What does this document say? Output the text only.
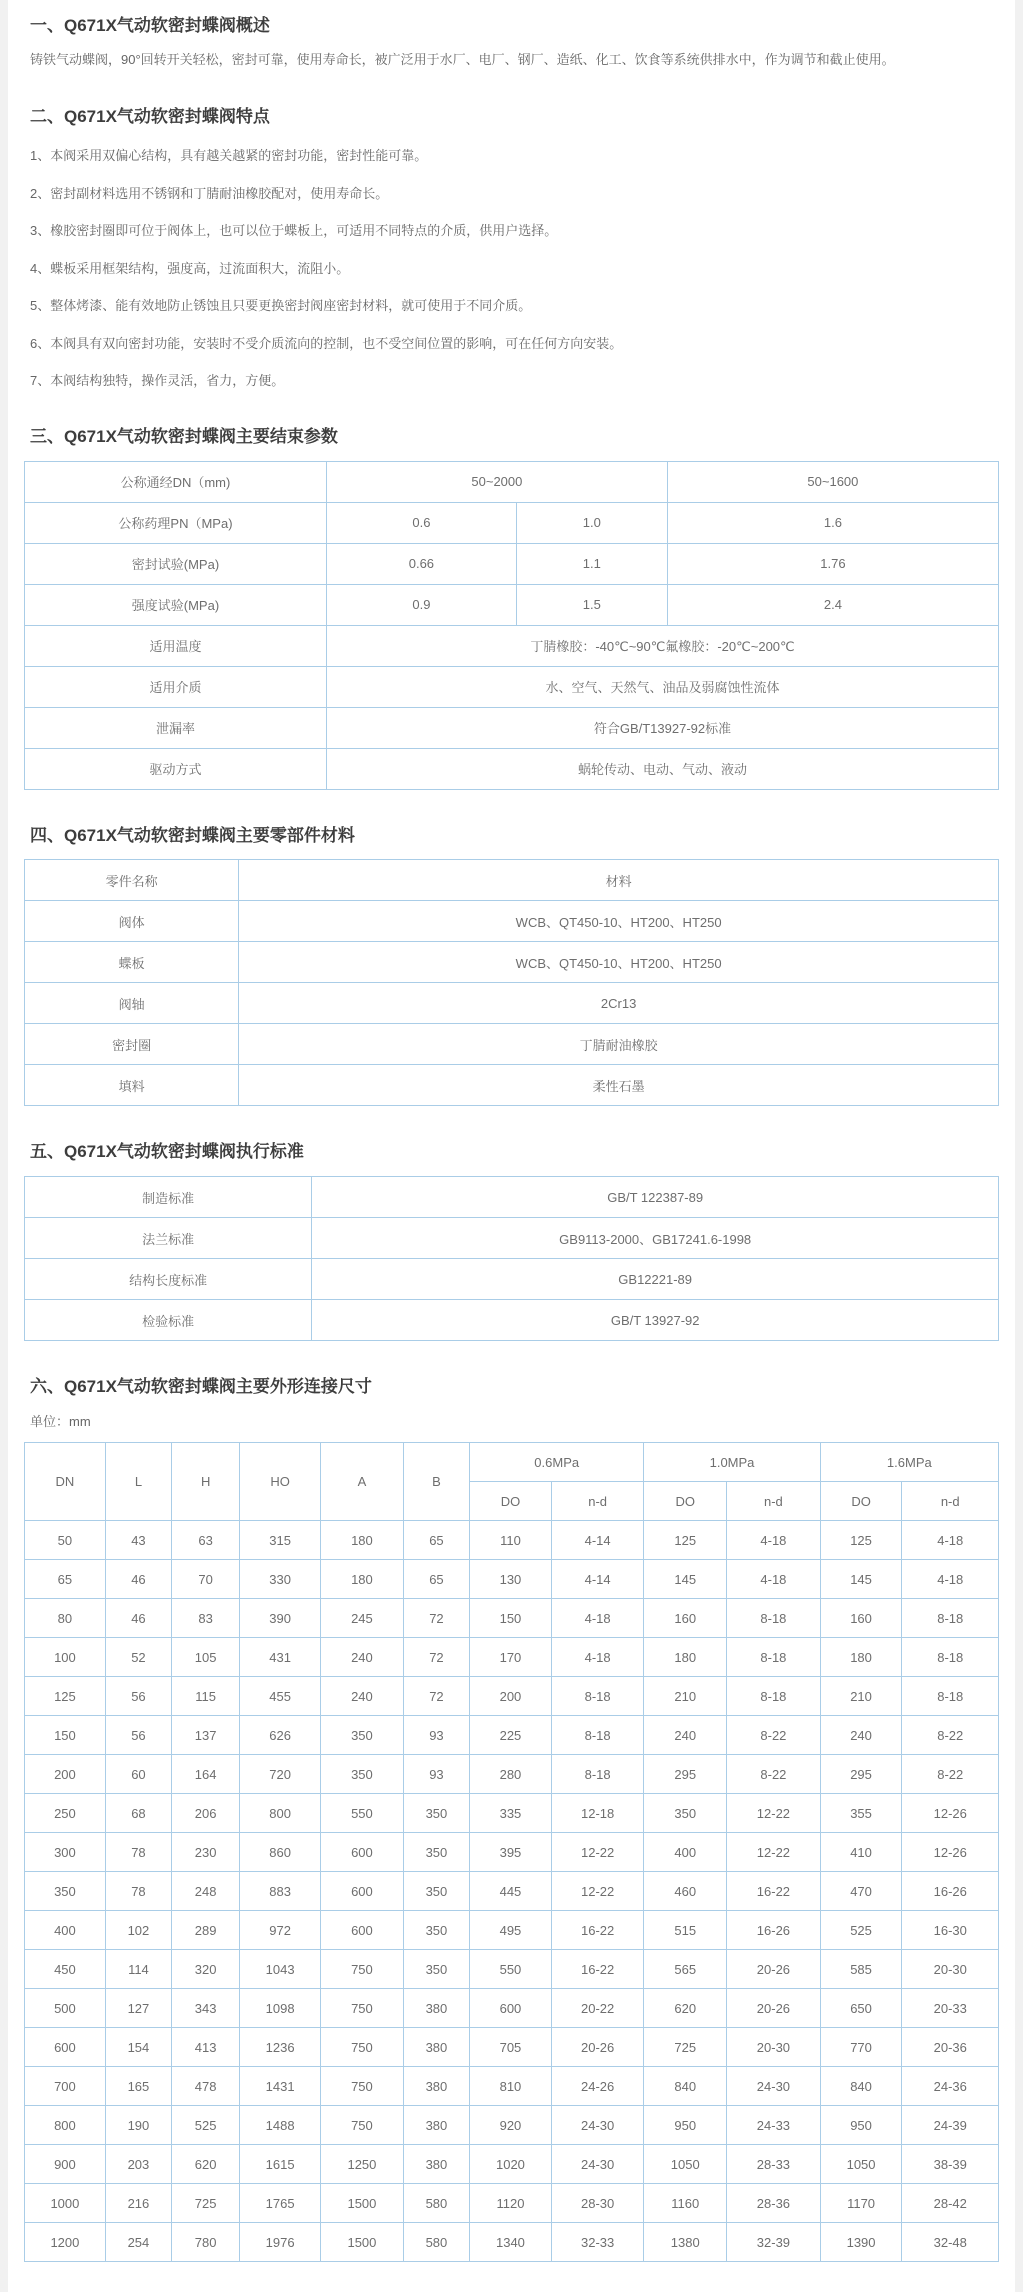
一、Q671X气动软密封蝶阀概述

铸铁气动蝶阀，90°回转开关轻松，密封可靠，使用寿命长，被广泛用于水厂、电厂、钢厂、造纸、化工、饮食等系统供排水中，作为调节和截止使用。

二、Q671X气动软密封蝶阀特点
1、本阀采用双偏心结构，具有越关越紧的密封功能，密封性能可靠。
2、密封副材料选用不锈钢和丁腈耐油橡胶配对，使用寿命长。
3、橡胶密封圈即可位于阀体上，也可以位于蝶板上，可适用不同特点的介质，供用户选择。
4、蝶板采用框架结构，强度高，过流面积大，流阻小。
5、整体烤漆、能有效地防止锈蚀且只要更换密封阀座密封材料，就可使用于不同介质。
6、本阀具有双向密封功能，安装时不受介质流向的控制，也不受空间位置的影响，可在任何方向安装。
7、本阀结构独特，操作灵活，省力，方便。
三、Q671X气动软密封蝶阀主要结束参数
公称通经DN（mm)	50~2000		50~1600
公称药理PN（MPa)	0.6	1.0	1.6
密封试验(MPa)	0.66	1.1	1.76
强度试验(MPa)	0.9	1.5	2.4
适用温度	丁腈橡胶：-40℃~90℃氟橡胶：-20℃~200℃		
适用介质	水、空气、天然气、油品及弱腐蚀性流体		
泄漏率	符合GB/T13927-92标准		
驱动方式	蜗轮传动、电动、气动、液动		
四、Q671X气动软密封蝶阀主要零部件材料
零件名称	材料
阀体	WCB、QT450-10、HT200、HT250
蝶板	WCB、QT450-10、HT200、HT250
阀轴	2Cr13
密封圈	丁腈耐油橡胶
填料	柔性石墨
五、Q671X气动软密封蝶阀执行标准
制造标准	GB/T 122387-89
法兰标准	GB9113-2000、GB17241.6-1998
结构长度标准	GB12221-89
检验标准	GB/T 13927-92
六、Q671X气动软密封蝶阀主要外形连接尺寸

单位：mm

DN	L	H	HO	A	B	0.6MPa		1.0MPa		1.6MPa	
						DO	n-d	DO	n-d	DO	n-d
50	43	63	315	180	65	110	4-14	125	4-18	125	4-18
65	46	70	330	180	65	130	4-14	145	4-18	145	4-18
80	46	83	390	245	72	150	4-18	160	8-18	160	8-18
100	52	105	431	240	72	170	4-18	180	8-18	180	8-18
125	56	115	455	240	72	200	8-18	210	8-18	210	8-18
150	56	137	626	350	93	225	8-18	240	8-22	240	8-22
200	60	164	720	350	93	280	8-18	295	8-22	295	8-22
250	68	206	800	550	350	335	12-18	350	12-22	355	12-26
300	78	230	860	600	350	395	12-22	400	12-22	410	12-26
350	78	248	883	600	350	445	12-22	460	16-22	470	16-26
400	102	289	972	600	350	495	16-22	515	16-26	525	16-30
450	114	320	1043	750	350	550	16-22	565	20-26	585	20-30
500	127	343	1098	750	380	600	20-22	620	20-26	650	20-33
600	154	413	1236	750	380	705	20-26	725	20-30	770	20-36
700	165	478	1431	750	380	810	24-26	840	24-30	840	24-36
800	190	525	1488	750	380	920	24-30	950	24-33	950	24-39
900	203	620	1615	1250	380	1020	24-30	1050	28-33	1050	38-39
1000	216	725	1765	1500	580	1120	28-30	1160	28-36	1170	28-42
1200	254	780	1976	1500	580	1340	32-33	1380	32-39	1390	32-48
